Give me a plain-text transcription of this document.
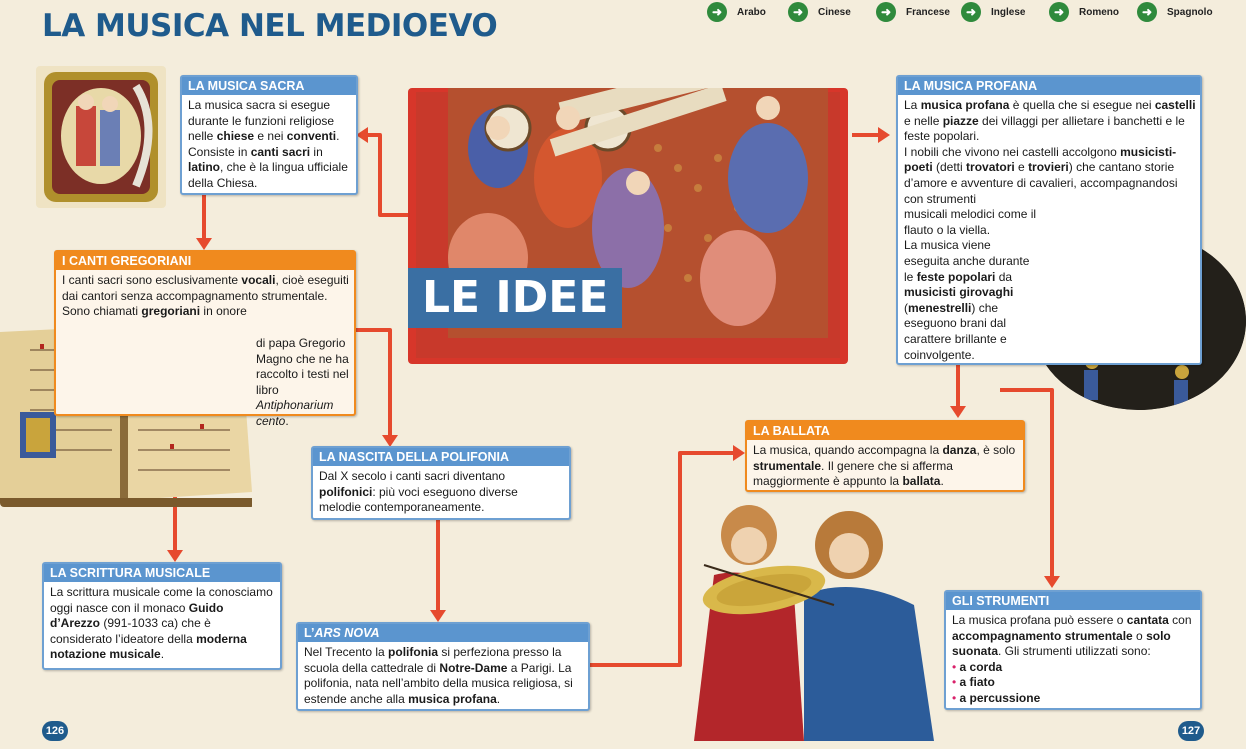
LA MUSICA NEL MEDIOEVO	➜	Arabo	➜	Cinese	➜	Francese	➜	Inglese	➜	Romeno	➜	Spagnolo
LE IDEE
LA MUSICA SACRA
La musica sacra si esegue durante le funzioni religiose nelle chiese e nei conventi. Consiste in canti sacri in latino, che è la lingua ufficiale della Chiesa.
I CANTI GREGORIANI
I canti sacri sono esclusivamente vocali, cioè eseguiti dai cantori senza accompagnamento strumentale. Sono chiamati gregoriani in onore
di papa Gregorio Magno che ne ha raccolto i testi nel libro Antiphonarium cento.
LA SCRITTURA MUSICALE
La scrittura musicale come la conosciamo oggi nasce con il monaco Guido d’Arezzo (991-1033 ca) che è considerato l’ideatore della moderna notazione musicale.
LA NASCITA DELLA POLIFONIA
Dal X secolo i canti sacri diventano polifonici: più voci eseguono diverse melodie contemporaneamente.
L’ARS NOVA
Nel Trecento la polifonia si perfeziona presso la scuola della cattedrale di Notre-Dame a Parigi. La polifonia, nata nell’ambito della musica religiosa, si estende anche alla musica profana.
LA MUSICA PROFANA
La musica profana è quella che si esegue nei castelli e nelle piazze dei villaggi per allietare i banchetti e le feste popolari.
I nobili che vivono nei castelli accolgono musicisti-poeti (detti trovatori e trovieri) che cantano storie d’amore e avventure di cavalieri, accompagnandosi con strumenti
musicali melodici come il flauto o la viella.
La musica viene eseguita anche durante le feste popolari da musicisti girovaghi (menestrelli) che eseguono brani dal carattere brillante e coinvolgente.
LA BALLATA
La musica, quando accompagna la danza, è solo strumentale. Il genere che si afferma maggiormente è appunto la ballata.
GLI STRUMENTI
La musica profana può essere o cantata con accompagnamento strumentale o solo suonata. Gli strumenti utilizzati sono:
• a corda
• a fiato
• a percussione
126	127
